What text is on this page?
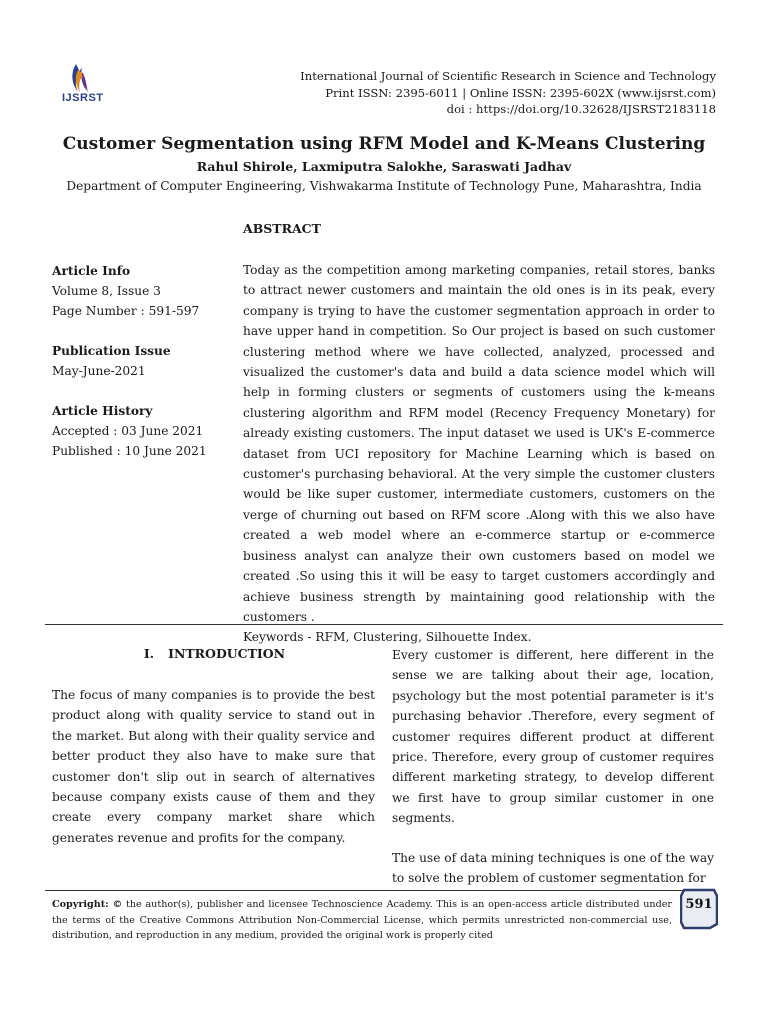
IJSRST
International Journal of Scientific Research in Science and Technology
Print ISSN: 2395-6011 | Online ISSN: 2395-602X (www.ijsrst.com)
doi : https://doi.org/10.32628/IJSRST2183118
Customer Segmentation using RFM Model and K-Means Clustering
Rahul Shirole, Laxmiputra Salokhe, Saraswati Jadhav
Department of Computer Engineering, Vishwakarma Institute of Technology Pune, Maharashtra, India
ABSTRACT
Article Info
Volume 8, Issue 3
Page Number : 591-597
Publication Issue
May-June-2021
Article History
Accepted : 03 June 2021
Published : 10 June 2021

Today as the competition among marketing companies, retail stores, banks to attract newer customers and maintain the old ones is in its peak, every company is trying to have the customer segmentation approach in order to have upper hand in competition. So Our project is based on such customer clustering method where we have collected, analyzed, processed and visualized the customer's data and build a data science model which will help in forming clusters or segments of customers using the k-means clustering algorithm and RFM model (Recency Frequency Monetary) for already existing customers. The input dataset we used is UK's E-commerce dataset from UCI repository for Machine Learning which is based on customer's purchasing behavioral. At the very simple the customer clusters would be like super customer, intermediate customers, customers on the verge of churning out based on RFM score .Along with this we also have created a web model where an e-commerce startup or e-commerce business analyst can analyze their own customers based on model we created .So using this it will be easy to target customers accordingly and achieve business strength by maintaining good relationship with the customers .

Keywords - RFM, Clustering, Silhouette Index.

I. INTRODUCTION

The focus of many companies is to provide the best product along with quality service to stand out in the market. But along with their quality service and better product they also have to make sure that customer don't slip out in search of alternatives because company exists cause of them and they create every company market share which generates revenue and profits for the company.

Every customer is different, here different in the sense we are talking about their age, location, psychology but the most potential parameter is it's purchasing behavior .Therefore, every segment of customer requires different product at different price. Therefore, every group of customer requires different marketing strategy, to develop different we first have to group similar customer in one segments.

The use of data mining techniques is one of the way to solve the problem of customer segmentation for

Copyright: © the author(s), publisher and licensee Technoscience Academy. This is an open-access article distributed under the terms of the Creative Commons Attribution Non-Commercial License, which permits unrestricted non-commercial use, distribution, and reproduction in any medium, provided the original work is properly cited
591
